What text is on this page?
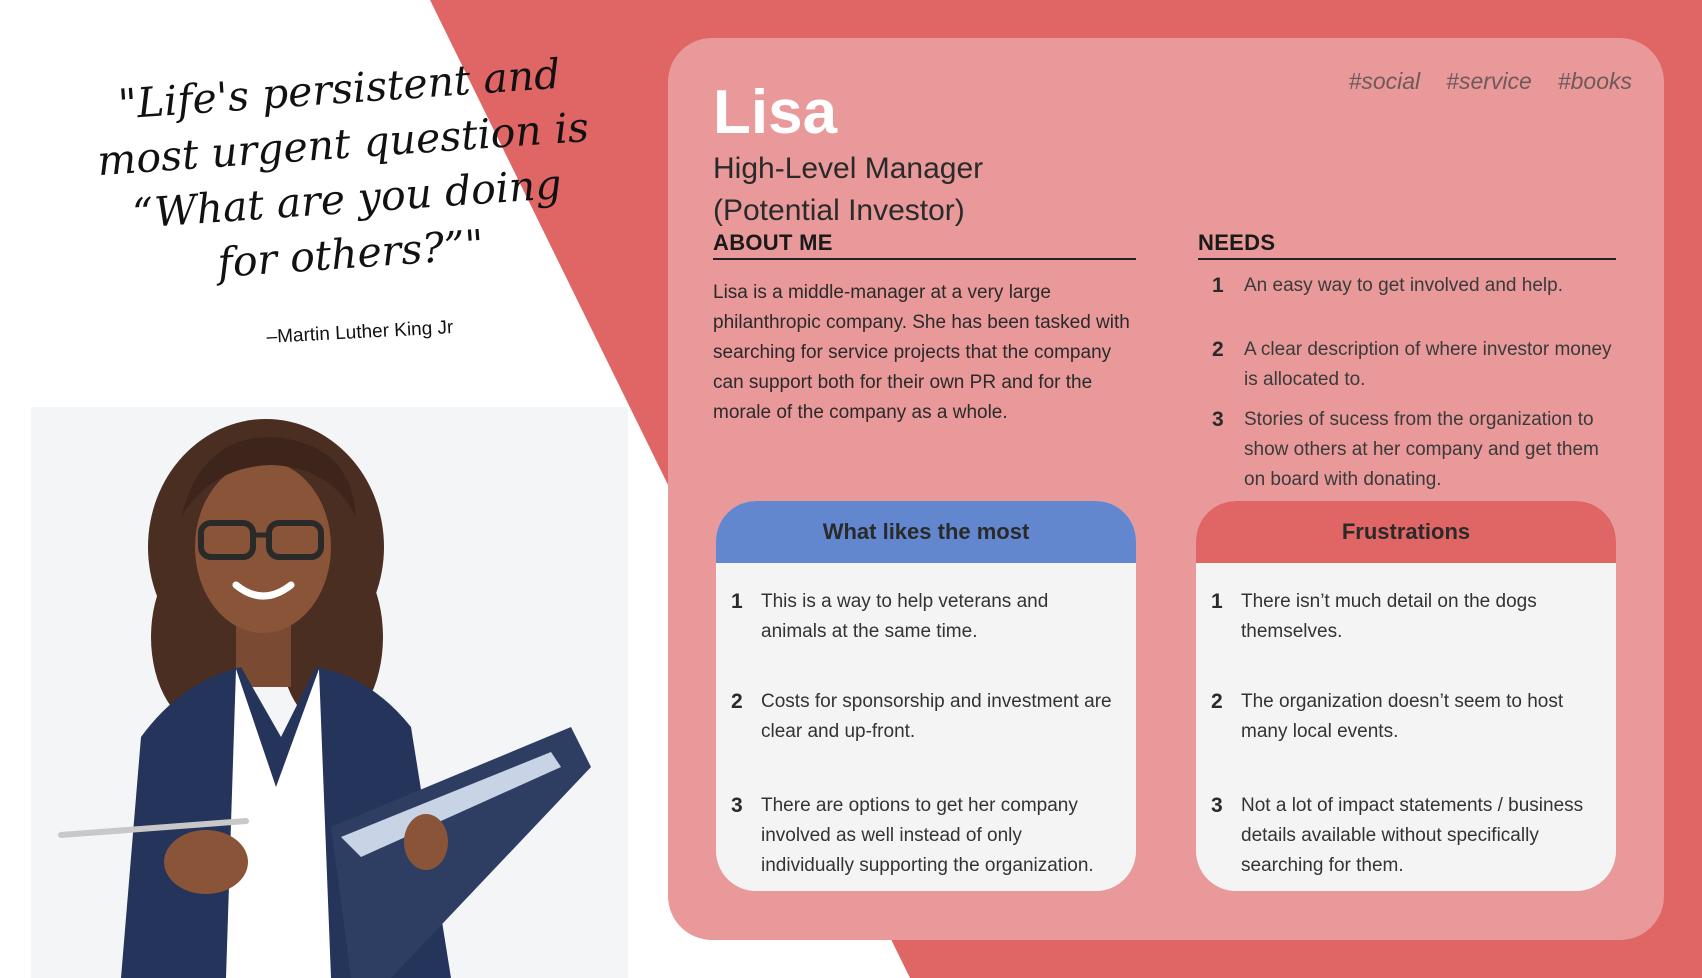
"Life's persistent and most urgent question is “What are you doing for others?”"

–Martin Luther King Jr
#social #service #books
Lisa
High-Level Manager
(Potential Investor)
ABOUT ME
Lisa is a middle-manager at a very large philanthropic company. She has been tasked with searching for service projects that the company can support both for their own PR and for the morale of the company as a whole.
NEEDS
1 An easy way to get involved and help.
2 A clear description of where investor money is allocated to.
3 Stories of sucess from the organization to show others at her company and get them on board with donating.
What likes the most
1 This is a way to help veterans and animals at the same time.
2 Costs for sponsorship and investment are clear and up-front.
3 There are options to get her company involved as well instead of only individually supporting the organization.
Frustrations
1 There isn’t much detail on the dogs themselves.
2 The organization doesn’t seem to host many local events.
3 Not a lot of impact statements / business details available without specifically searching for them.
